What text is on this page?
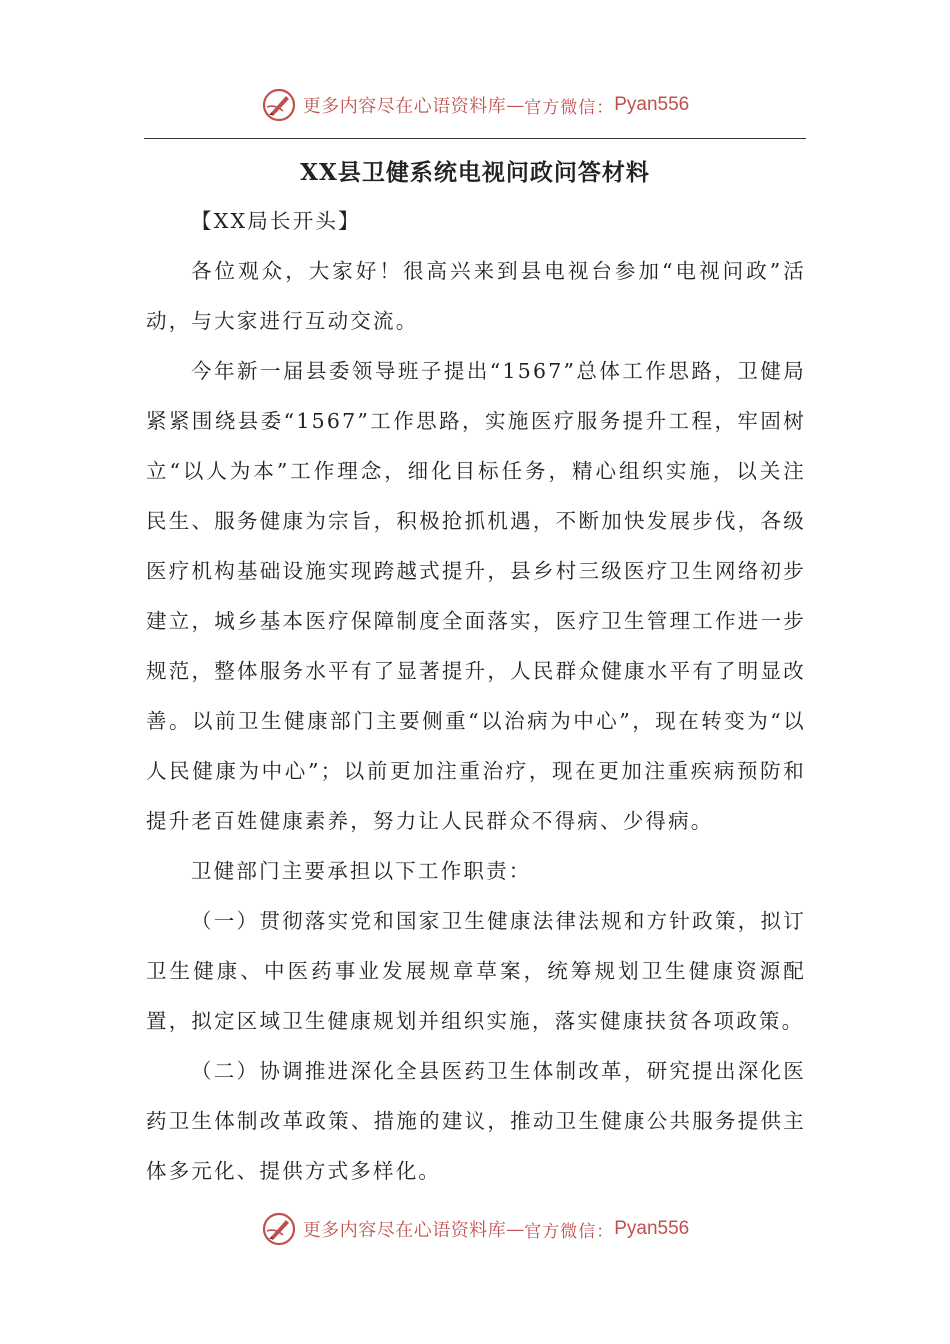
更多内容尽在心语资料库 — 官方微信： Pyan556
XX县卫健系统电视问政问答材料

【XX局长开头】

各位观众，大家好！很高兴来到县电视台参加“电视问政”活动，与大家进行互动交流。

今年新一届县委领导班子提出“1567”总体工作思路，卫健局紧紧围绕县委“1567”工作思路，实施医疗服务提升工程，牢固树立“以人为本”工作理念，细化目标任务，精心组织实施，以关注民生、服务健康为宗旨，积极抢抓机遇，不断加快发展步伐，各级医疗机构基础设施实现跨越式提升，县乡村三级医疗卫生网络初步建立，城乡基本医疗保障制度全面落实，医疗卫生管理工作进一步规范，整体服务水平有了显著提升，人民群众健康水平有了明显改善。以前卫生健康部门主要侧重“以治病为中心”，现在转变为“以人民健康为中心”；以前更加注重治疗，现在更加注重疾病预防和提升老百姓健康素养，努力让人民群众不得病、少得病。

卫健部门主要承担以下工作职责：

（一）贯彻落实党和国家卫生健康法律法规和方针政策，拟订卫生健康、中医药事业发展规章草案，统筹规划卫生健康资源配置，拟定区域卫生健康规划并组织实施，落实健康扶贫各项政策。

（二）协调推进深化全县医药卫生体制改革，研究提出深化医药卫生体制改革政策、措施的建议，推动卫生健康公共服务提供主体多元化、提供方式多样化。

更多内容尽在心语资料库 — 官方微信： Pyan556
